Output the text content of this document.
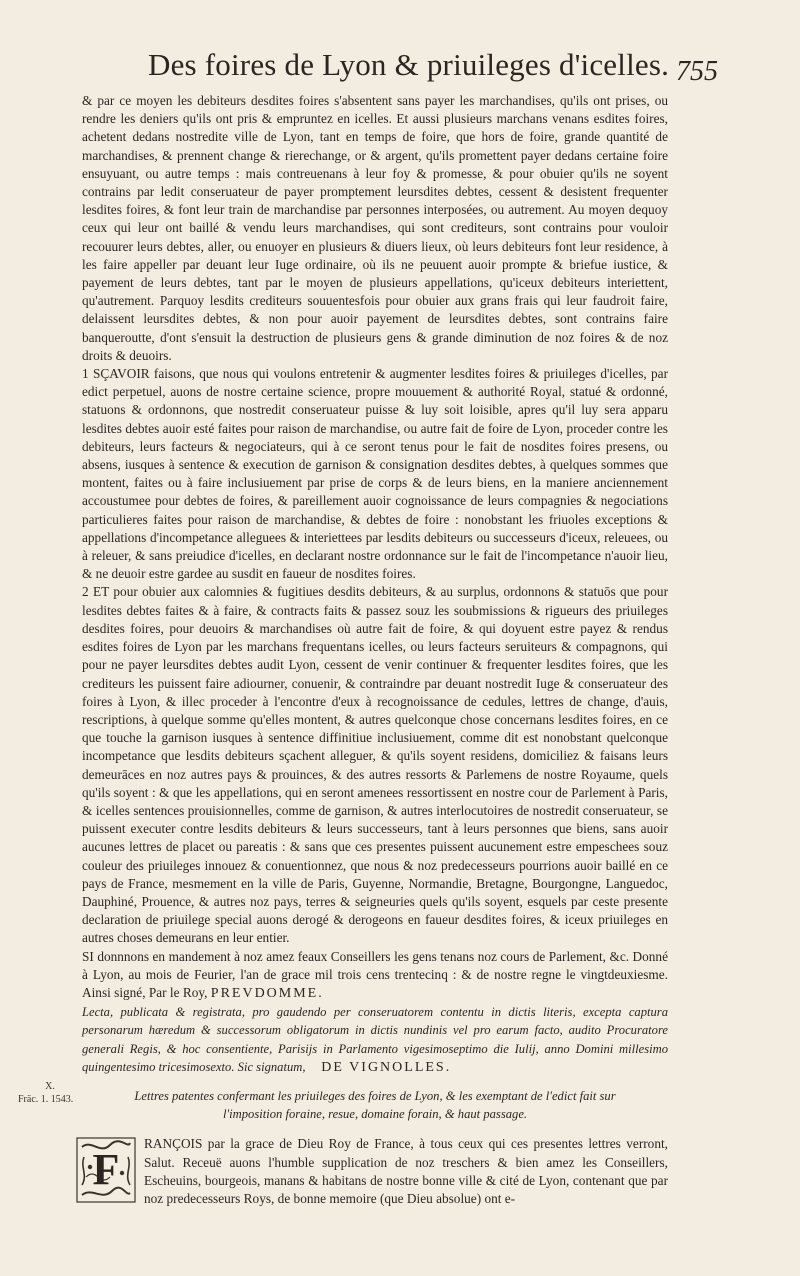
Des foires de Lyon & priuileges d'icelles. 755
X.
Fräc. 1. 1543.

& par ce moyen les debiteurs desdites foires s'absentent sans payer les marchandises, qu'ils ont prises, ou rendre les deniers qu'ils ont pris & empruntez en icelles. Et aussi plusieurs marchans venans esdites foires, achetent dedans nostredite ville de Lyon, tant en temps de foire, que hors de foire, grande quantité de marchandises, & prennent change & rierechange, or & argent, qu'ils promettent payer dedans certaine foire ensuyuant, ou autre temps : mais contreuenans à leur foy & promesse, & pour obuier qu'ils ne soyent contrains par ledit conseruateur de payer promptement leursdites debtes, cessent & desistent frequenter lesdites foires, & font leur train de marchandise par personnes interposées, ou autrement. Au moyen dequoy ceux qui leur ont baillé & vendu leurs marchandises, qui sont crediteurs, sont contrains pour vouloir recouurer leurs debtes, aller, ou enuoyer en plusieurs & diuers lieux, où leurs debiteurs font leur residence, à les faire appeller par deuant leur Iuge ordinaire, où ils ne peuuent auoir prompte & briefue iustice, & payement de leurs debtes, tant par le moyen de plusieurs appellations, qu'iceux debiteurs interiettent, qu'autrement. Parquoy lesdits crediteurs souuentesfois pour obuier aux grans frais qui leur faudroit faire, delaissent leursdites debtes, & non pour auoir payement de leursdites debtes, sont contrains faire banqueroutte, d'ont s'ensuit la destruction de plusieurs gens & grande diminution de noz foires & de noz droits & deuoirs.

1 SÇAVOIR faisons, que nous qui voulons entretenir & augmenter lesdites foires & priuileges d'icelles, par edict perpetuel, auons de nostre certaine science, propre mouuement & authorité Royal, statué & ordonné, statuons & ordonnons, que nostredit conseruateur puisse & luy soit loisible, apres qu'il luy sera apparu lesdites debtes auoir esté faites pour raison de marchandise, ou autre fait de foire de Lyon, proceder contre les debiteurs, leurs facteurs & negociateurs, qui à ce seront tenus pour le fait de nosdites foires presens, ou absens, iusques à sentence & execution de garnison & consignation desdites debtes, à quelques sommes que montent, faites ou à faire inclusiuement par prise de corps & de leurs biens, en la maniere anciennement accoustumee pour debtes de foires, & pareillement auoir cognoissance de leurs compagnies & negociations particulieres faites pour raison de marchandise, & debtes de foire : nonobstant les friuoles exceptions & appellations d'incompetance alleguees & interiettees par lesdits debiteurs ou successeurs d'iceux, releuees, ou à releuer, & sans preiudice d'icelles, en declarant nostre ordonnance sur le fait de l'incompetance n'auoir lieu, & ne deuoir estre gardee au susdit en faueur de nosdites foires.

2 ET pour obuier aux calomnies & fugitiues desdits debiteurs, & au surplus, ordonnons & statuōs que pour lesdites debtes faites & à faire, & contracts faits & passez souz les soubmissions & rigueurs des priuileges desdites foires, pour deuoirs & marchandises où autre fait de foire, & qui doyuent estre payez & rendus esdites foires de Lyon par les marchans frequentans icelles, ou leurs facteurs seruiteurs & compagnons, qui pour ne payer leursdites debtes audit Lyon, cessent de venir continuer & frequenter lesdites foires, que les crediteurs les puissent faire adiourner, conuenir, & contraindre par deuant nostredit Iuge & conseruateur des foires à Lyon, & illec proceder à l'encontre d'eux à recognoissance de cedules, lettres de change, d'auis, rescriptions, à quelque somme qu'elles montent, & autres quelconque chose concernans lesdites foires, en ce que touche la garnison iusques à sentence diffinitiue inclusiuement, comme dit est nonobstant quelconque incompetance que lesdits debiteurs sçachent alleguer, & qu'ils soyent residens, domiciliez & faisans leurs demeurāces en noz autres pays & prouinces, & des autres ressorts & Parlemens de nostre Royaume, quels qu'ils soyent : & que les appellations, qui en seront amenees ressortissent en nostre cour de Parlement à Paris, & icelles sentences prouisionnelles, comme de garnison, & autres interlocutoires de nostredit conseruateur, se puissent executer contre lesdits debiteurs & leurs successeurs, tant à leurs personnes que biens, sans auoir aucunes lettres de placet ou pareatis : & sans que ces presentes puissent aucunement estre empeschees souz couleur des priuileges innouez & conuentionnez, que nous & noz predecesseurs pourrions auoir baillé en ce pays de France, mesmement en la ville de Paris, Guyenne, Normandie, Bretagne, Bourgongne, Languedoc, Dauphiné, Prouence, & autres noz pays, terres & seigneuries quels qu'ils soyent, esquels par ceste presente declaration de priuilege special auons derogé & derogeons en faueur desdites foires, & iceux priuileges en autres choses demeurans en leur entier.

SI donnnons en mandement à noz amez feaux Conseillers les gens tenans noz cours de Parlement, &c. Donné à Lyon, au mois de Feurier, l'an de grace mil trois cens trentecinq : & de nostre regne le vingtdeuxiesme. Ainsi signé, Par le Roy, PREVDOMME.

Lecta, publicata & registrata, pro gaudendo per conseruatorem contentu in dictis literis, excepta captura personarum hæredum & successorum obligatorum in dictis nundinis vel pro earum facto, audito Procuratore generali Regis, & hoc consentiente, Parisijs in Parlamento vigesimoseptimo die Iulij, anno Domini millesimo quingentesimo tricesimosexto. Sic signatum, DE VIGNOLLES.

Lettres patentes confermant les priuileges des foires de Lyon, & les exemptant de l'edict fait sur l'imposition foraine, resue, domaine forain, & haut passage.
F
RANÇOIS par la grace de Dieu Roy de France, à tous ceux qui ces presentes lettres verront, Salut. Receuë auons l'humble supplication de noz treschers & bien amez les Conseillers, Escheuins, bourgeois, manans & habitans de nostre bonne ville & cité de Lyon, contenant que par noz predecesseurs Roys, de bonne memoire (que Dieu absolue) ont e-
